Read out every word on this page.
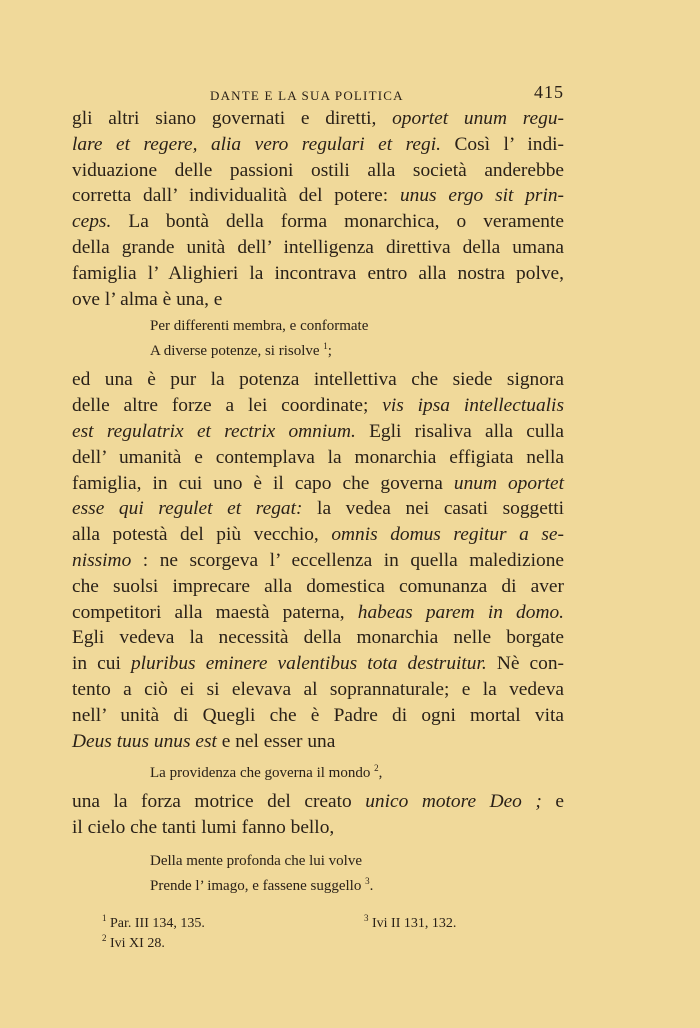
DANTE E LA SUA POLITICA	415

gli altri siano governati e diretti, oportet unum regu-
lare et regere, alia vero regulari et regi. Così l’ indi-
viduazione delle passioni ostili alla società anderebbe
corretta dall’ individualità del potere: unus ergo sit prin-
ceps. La bontà della forma monarchica, o veramente
della grande unità dell’ intelligenza direttiva della umana
famiglia l’ Alighieri la incontrava entro alla nostra polve,
ove l’ alma è una, e

Per differenti membra, e conformate
A diverse potenze, si risolve $^1$;

ed una è pur la potenza intellettiva che siede signora
delle altre forze a lei coordinate; vis ipsa intellectualis
est regulatrix et rectrix omnium. Egli risaliva alla culla
dell’ umanità e contemplava la monarchia effigiata nella
famiglia, in cui uno è il capo che governa unum oportet
esse qui regulet et regat: la vedea nei casati soggetti
alla potestà del più vecchio, omnis domus regitur a se-
nissimo : ne scorgeva l’ eccellenza in quella maledizione
che suolsi imprecare alla domestica comunanza di aver
competitori alla maestà paterna, habeas parem in domo.
Egli vedeva la necessità della monarchia nelle borgate
in cui pluribus eminere valentibus tota destruitur. Nè con-
tento a ciò ei si elevava al soprannaturale; e la vedeva
nell’ unità di Quegli che è Padre di ogni mortal vita
Deus tuus unus est e nel esser una

La providenza che governa il mondo $^2$,

una la forza motrice del creato unico motore Deo ; e
il cielo che tanti lumi fanno bello,

Della mente profonda che lui volve
Prende l’ imago, e fassene suggello $^3$.
$^1$ Par. III 134, 135.	$^3$ Ivi II 131, 132.
$^2$ Ivi XI 28.
